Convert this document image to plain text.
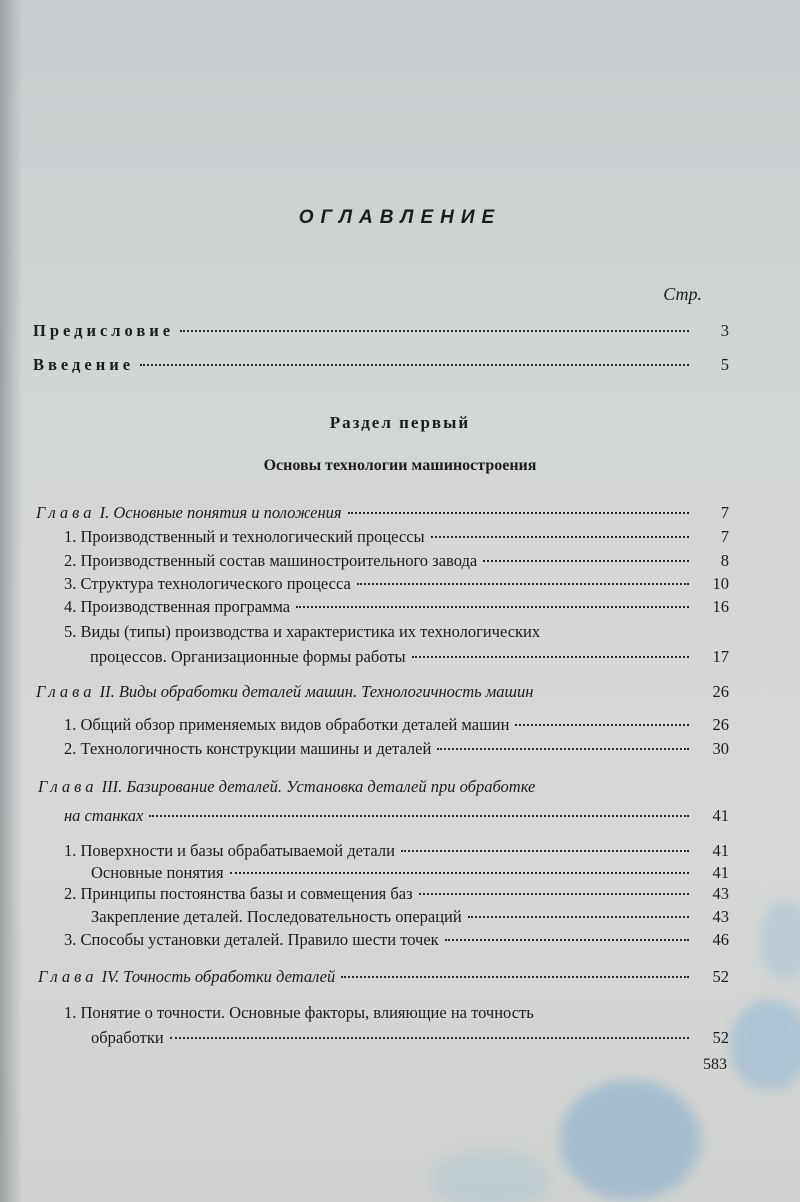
ОГЛАВЛЕНИЕ
Стр.
Предисловие	3
Введение	5
Раздел первый
Основы технологии машиностроения
Глава I. Основные понятия и положения	7
1. Производственный и технологический процессы	7
2. Производственный состав машиностроительного завода	8
3. Структура технологического процесса	10
4. Производственная программа	16
5. Виды (типы) производства и характеристика их технологических
процессов. Организационные формы работы	17
Глава II. Виды обработки деталей машин. Технологичность машин	26
1. Общий обзор применяемых видов обработки деталей машин	26
2. Технологичность конструкции машины и деталей	30
Глава III. Базирование деталей. Установка деталей при обработке
на станках	41
1. Поверхности и базы обрабатываемой детали	41
Основные понятия	41
2. Принципы постоянства базы и совмещения баз	43
Закрепление деталей. Последовательность операций	43
3. Способы установки деталей. Правило шести точек	46
Глава IV. Точность обработки деталей	52
1. Понятие о точности. Основные факторы, влияющие на точность
обработки	52
583
